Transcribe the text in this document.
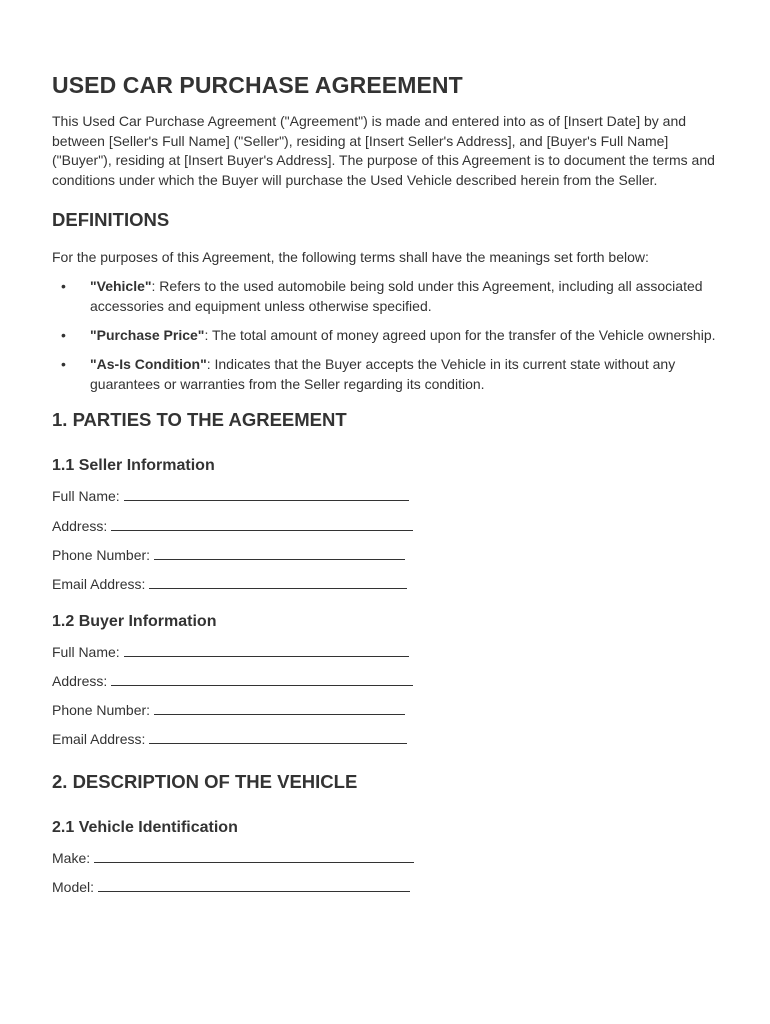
USED CAR PURCHASE AGREEMENT

This Used Car Purchase Agreement ("Agreement") is made and entered into as of [Insert Date] by and between [Seller's Full Name] ("Seller"), residing at [Insert Seller's Address], and [Buyer's Full Name] ("Buyer"), residing at [Insert Buyer's Address]. The purpose of this Agreement is to document the terms and conditions under which the Buyer will purchase the Used Vehicle described herein from the Seller.

DEFINITIONS

For the purposes of this Agreement, the following terms shall have the meanings set forth below:

• "Vehicle": Refers to the used automobile being sold under this Agreement, including all associated accessories and equipment unless otherwise specified.
• "Purchase Price": The total amount of money agreed upon for the transfer of the Vehicle ownership.
• "As-Is Condition": Indicates that the Buyer accepts the Vehicle in its current state without any guarantees or warranties from the Seller regarding its condition.
1. PARTIES TO THE AGREEMENT
1.1 Seller Information
Full Name:
Address:
Phone Number:
Email Address:
1.2 Buyer Information
Full Name:
Address:
Phone Number:
Email Address:
2. DESCRIPTION OF THE VEHICLE
2.1 Vehicle Identification
Make:
Model:
